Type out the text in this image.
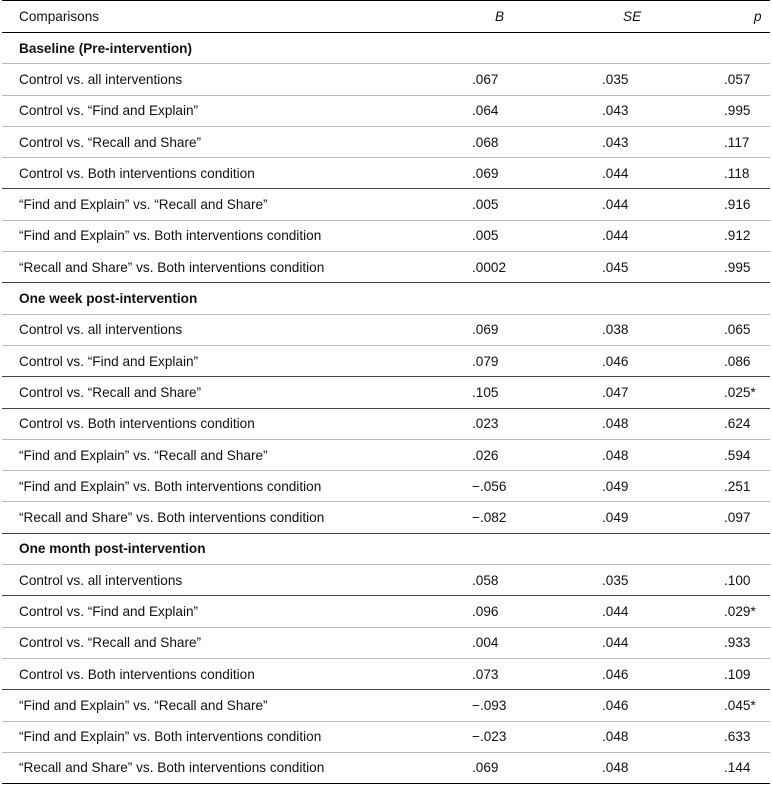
Comparisons	B	SE	p
Baseline (Pre-intervention)			
Control vs. all interventions	.067	.035	.057
Control vs. “Find and Explain”	.064	.043	.995
Control vs. “Recall and Share”	.068	.043	.117
Control vs. Both interventions condition	.069	.044	.118
“Find and Explain” vs. “Recall and Share”	.005	.044	.916
“Find and Explain” vs. Both interventions condition	.005	.044	.912
“Recall and Share” vs. Both interventions condition	.0002	.045	.995
One week post-intervention			
Control vs. all interventions	.069	.038	.065
Control vs. “Find and Explain”	.079	.046	.086
Control vs. “Recall and Share”	.105	.047	.025*
Control vs. Both interventions condition	.023	.048	.624
“Find and Explain” vs. “Recall and Share”	.026	.048	.594
“Find and Explain” vs. Both interventions condition	−.056	.049	.251
“Recall and Share” vs. Both interventions condition	−.082	.049	.097
One month post-intervention			
Control vs. all interventions	.058	.035	.100
Control vs. “Find and Explain”	.096	.044	.029*
Control vs. “Recall and Share”	.004	.044	.933
Control vs. Both interventions condition	.073	.046	.109
“Find and Explain” vs. “Recall and Share”	−.093	.046	.045*
“Find and Explain” vs. Both interventions condition	−.023	.048	.633
“Recall and Share” vs. Both interventions condition	.069	.048	.144
